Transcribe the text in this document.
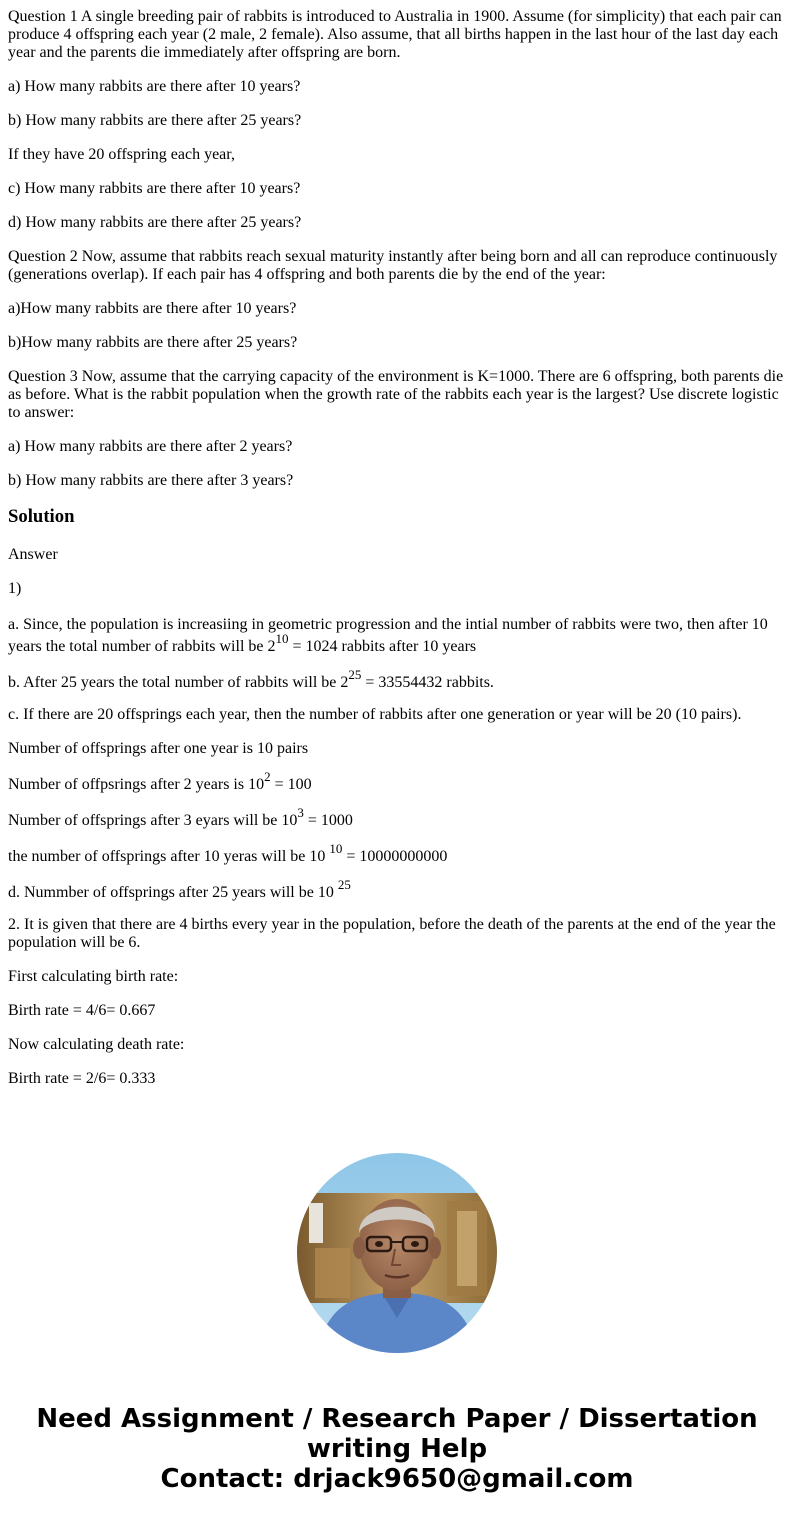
Question 1 A single breeding pair of rabbits is introduced to Australia in 1900. Assume (for simplicity) that each pair can produce 4 offspring each year (2 male, 2 female). Also assume, that all births happen in the last hour of the last day each year and the parents die immediately after offspring are born.

a) How many rabbits are there after 10 years?

b) How many rabbits are there after 25 years?

If they have 20 offspring each year,

c) How many rabbits are there after 10 years?

d) How many rabbits are there after 25 years?

Question 2 Now, assume that rabbits reach sexual maturity instantly after being born and all can reproduce continuously (generations overlap). If each pair has 4 offspring and both parents die by the end of the year:

a)How many rabbits are there after 10 years?

b)How many rabbits are there after 25 years?

Question 3 Now, assume that the carrying capacity of the environment is K=1000. There are 6 offspring, both parents die as before. What is the rabbit population when the growth rate of the rabbits each year is the largest? Use discrete logistic to answer:

a) How many rabbits are there after 2 years?

b) How many rabbits are there after 3 years?

Solution

Answer

1)

a. Since, the population is increasiing in geometric progression and the intial number of rabbits were two, then after 10 years the total number of rabbits will be $2^{10} = 1024$ rabbits after 10 years

b. After 25 years the total number of rabbits will be $2^{25} = 33554432$ rabbits.

c. If there are 20 offsprings each year, then the number of rabbits after one generation or year will be 20 (10 pairs).

Number of offsprings after one year is 10 pairs

Number of offpsrings after 2 years is $10^2 = 100$

Number of offsprings after 3 eyars will be $10^3 = 1000$

the number of offsprings after 10 yeras will be 10 $^{10}$ = 10000000000

d. Nummber of offsprings after 25 years will be 10 $^{25}$

2. It is given that there are 4 births every year in the population, before the death of the parents at the end of the year the population will be 6.

First calculating birth rate:

Birth rate = 4/6= 0.667

Now calculating death rate:

Birth rate = 2/6= 0.333

Need Assignment / Research Paper / Dissertation
writing Help
Contact: drjack9650@gmail.com
